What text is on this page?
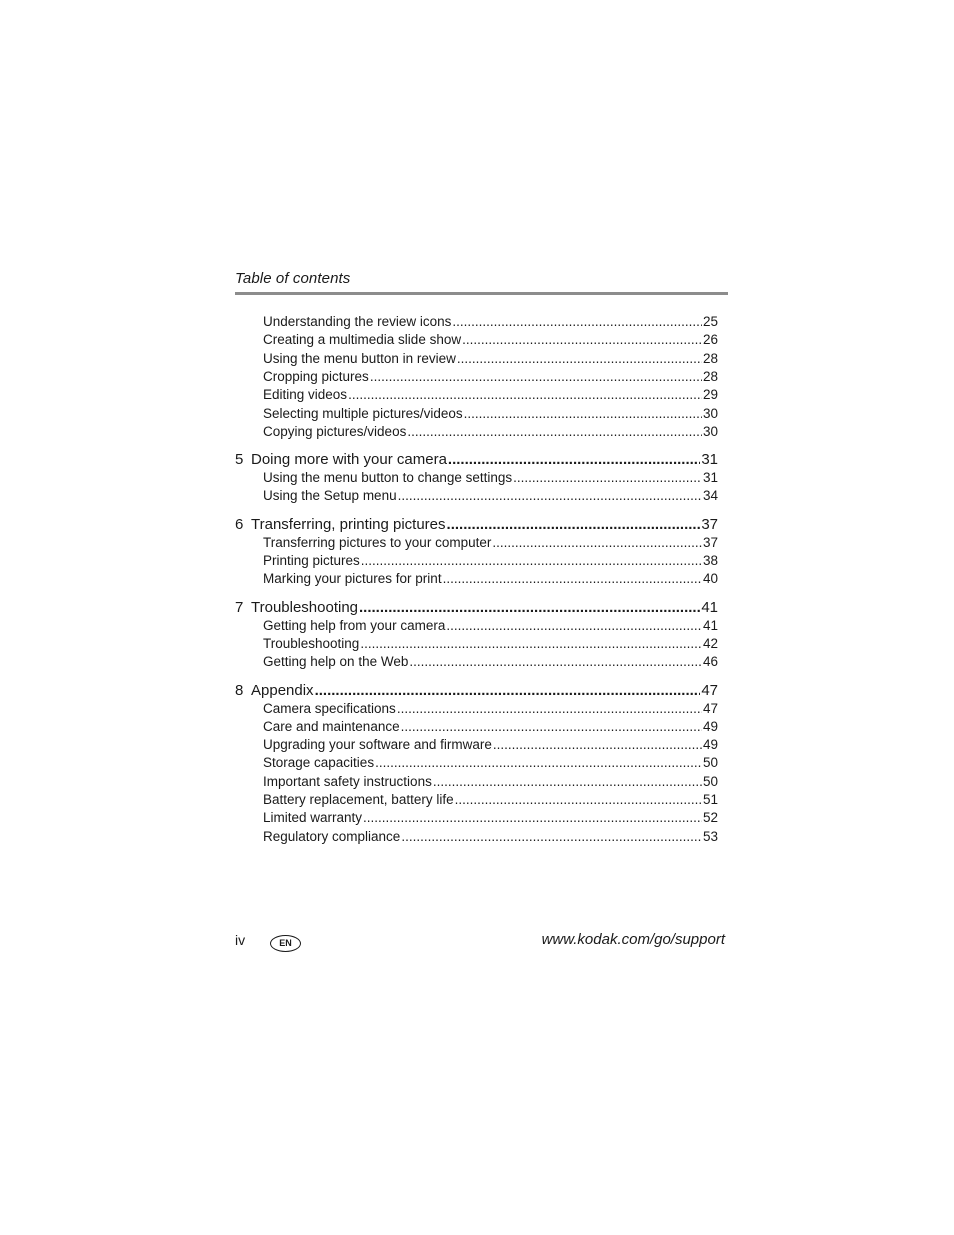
Table of contents
Understanding the review icons .....	25
Creating a multimedia slide show .....	26
Using the menu button in review .....	28
Cropping pictures .....	28
Editing videos .....	29
Selecting multiple pictures/videos .....	30
Copying pictures/videos .....	30
5 Doing more with your camera .....	31
Using the menu button to change settings .....	31
Using the Setup menu .....	34
6 Transferring, printing pictures .....	37
Transferring pictures to your computer .....	37
Printing pictures .....	38
Marking your pictures for print .....	40
7 Troubleshooting .....	41
Getting help from your camera .....	41
Troubleshooting .....	42
Getting help on the Web .....	46
8 Appendix .....	47
Camera specifications .....	47
Care and maintenance .....	49
Upgrading your software and firmware .....	49
Storage capacities .....	50
Important safety instructions .....	50
Battery replacement, battery life .....	51
Limited warranty .....	52
Regulatory compliance .....	53
iv	EN	www.kodak.com/go/support
